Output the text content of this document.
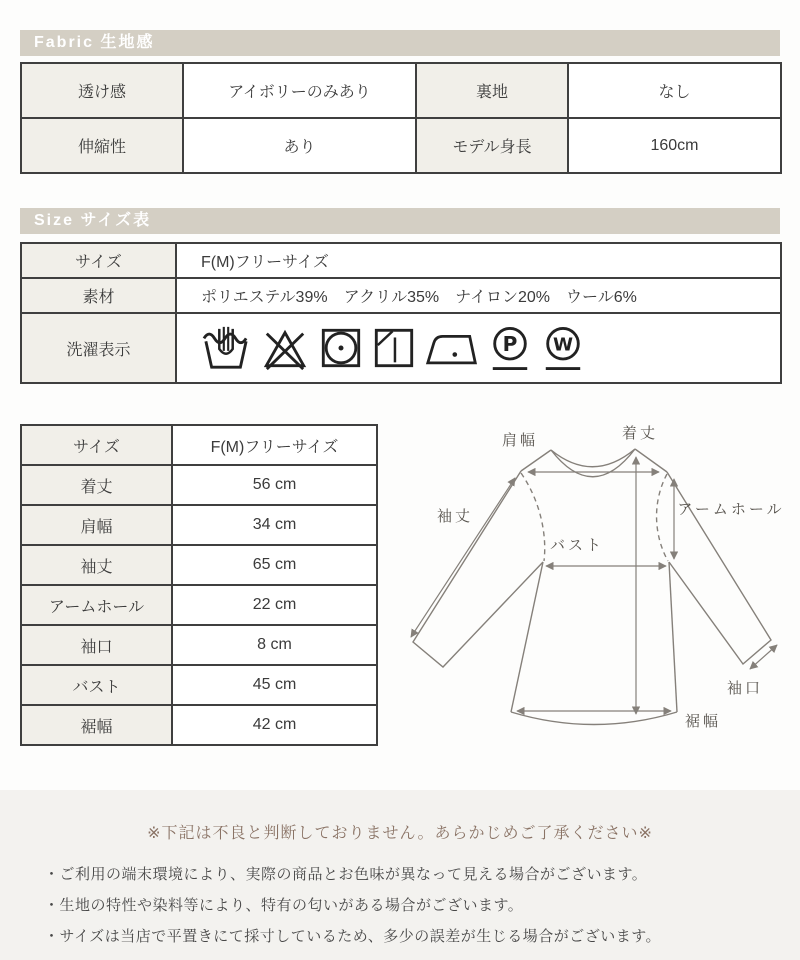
Fabric 生地感
透け感	アイボリーのみあり	裏地	なし
伸縮性	あり	モデル身長	160cm
Size サイズ表
サイズ	F(M)フリーサイズ
素材	ポリエステル39%　アクリル35%　ナイロン20%　ウール6%
洗濯表示	P W
サイズ	F(M)フリーサイズ
着丈	56 cm
肩幅	34 cm
袖丈	65 cm
アームホール	22 cm
袖口	8 cm
バスト	45 cm
裾幅	42 cm
着丈
肩幅
袖丈	アームホール
バスト
袖口
裾幅
※下記は不良と判断しておりません。あらかじめご了承ください※
・ご利用の端末環境により、実際の商品とお色味が異なって見える場合がございます。
・生地の特性や染料等により、特有の匂いがある場合がございます。
・サイズは当店で平置きにて採寸しているため、多少の誤差が生じる場合がございます。
